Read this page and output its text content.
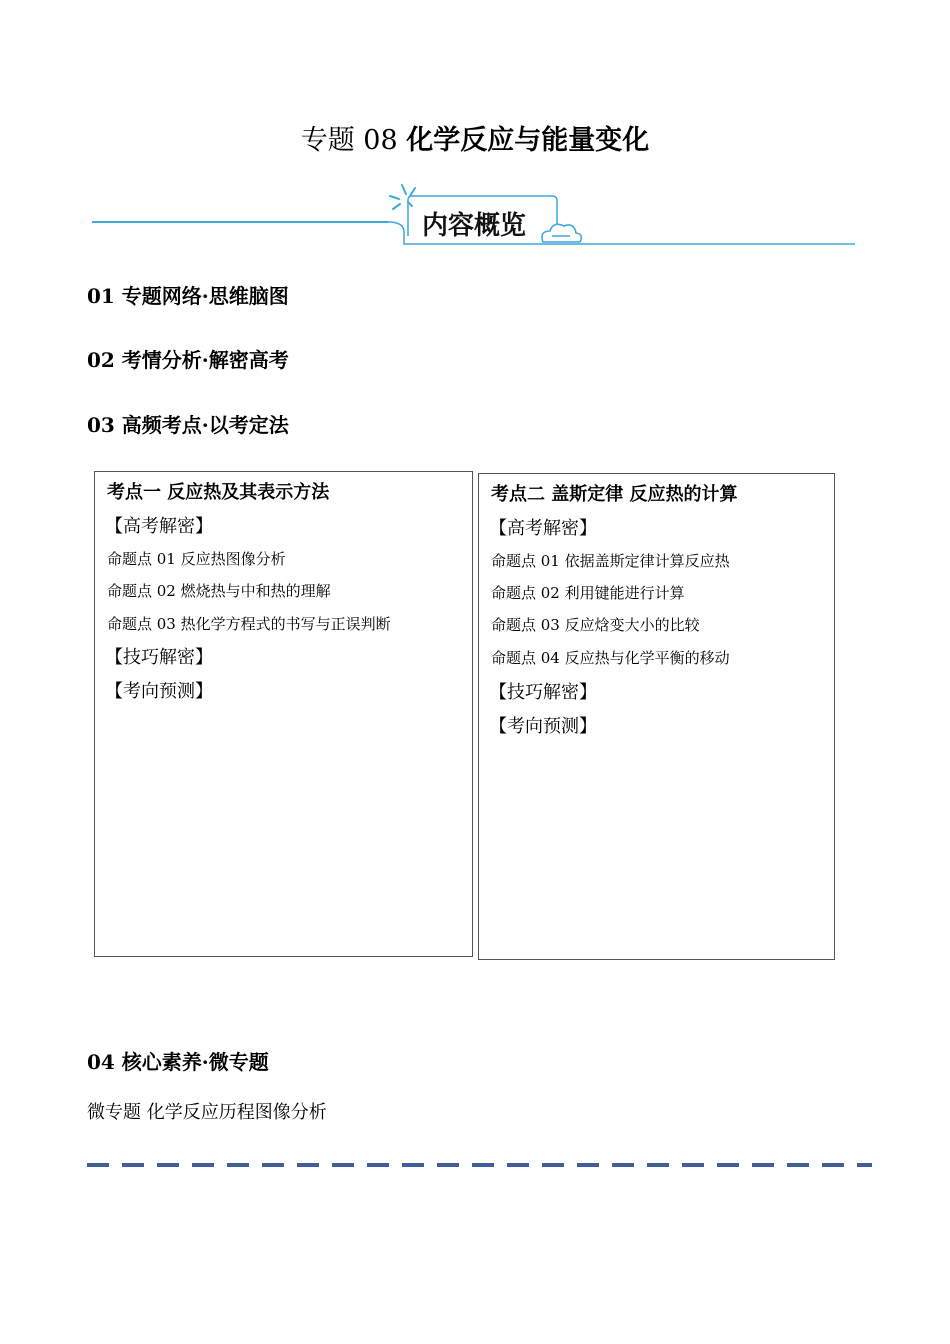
专题 08 化学反应与能量变化
内容概览
01 专题网络·思维脑图
02 考情分析·解密高考
03 高频考点·以考定法
考点一 反应热及其表示方法
【高考解密】
命题点 01 反应热图像分析
命题点 02 燃烧热与中和热的理解
命题点 03 热化学方程式的书写与正误判断
【技巧解密】
【考向预测】
考点二 盖斯定律 反应热的计算
【高考解密】
命题点 01 依据盖斯定律计算反应热
命题点 02 利用键能进行计算
命题点 03 反应焓变大小的比较
命题点 04 反应热与化学平衡的移动
【技巧解密】
【考向预测】
04 核心素养·微专题
微专题 化学反应历程图像分析
